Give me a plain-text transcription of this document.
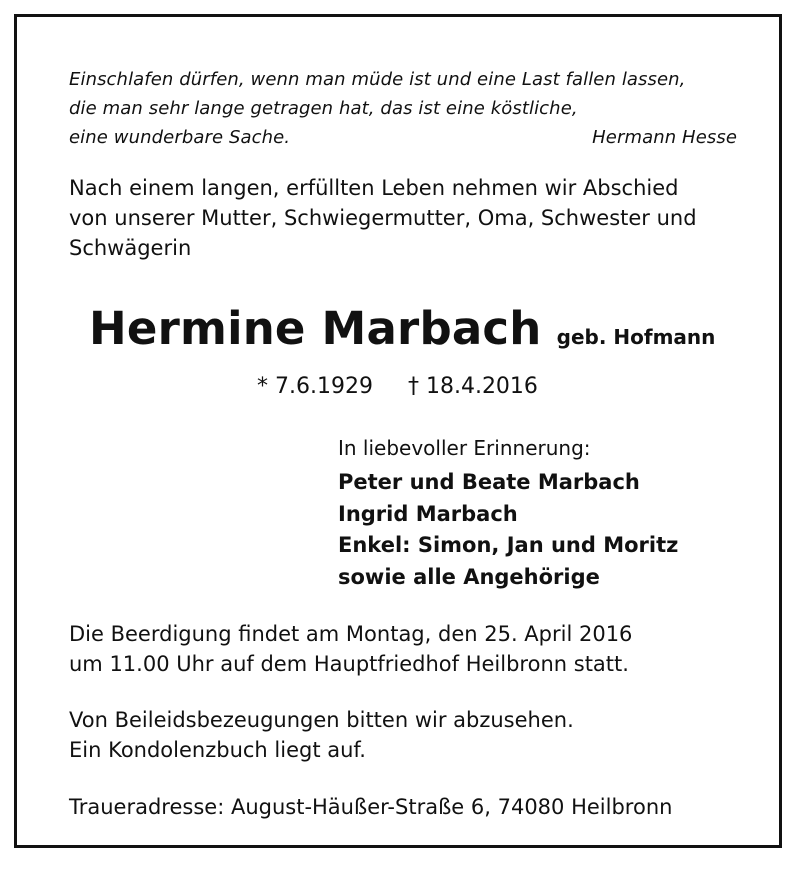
Einschlafen dürfen, wenn man müde ist und eine Last fallen lassen,
die man sehr lange getragen hat, das ist eine köstliche,
eine wunderbare Sache.	Hermann Hesse
Nach einem langen, erfüllten Leben nehmen wir Abschied
von unserer Mutter, Schwiegermutter, Oma, Schwester und
Schwägerin
Hermine Marbach geb. Hofmann
* 7.6.1929 † 18.4.2016
In liebevoller Erinnerung:
Peter und Beate Marbach
Ingrid Marbach
Enkel: Simon, Jan und Moritz
sowie alle Angehörige
Die Beerdigung findet am Montag, den 25. April 2016
um 11.00 Uhr auf dem Hauptfriedhof Heilbronn statt.
Von Beileidsbezeugungen bitten wir abzusehen.
Ein Kondolenzbuch liegt auf.
Traueradresse: August-Häußer-Straße 6, 74080 Heilbronn
